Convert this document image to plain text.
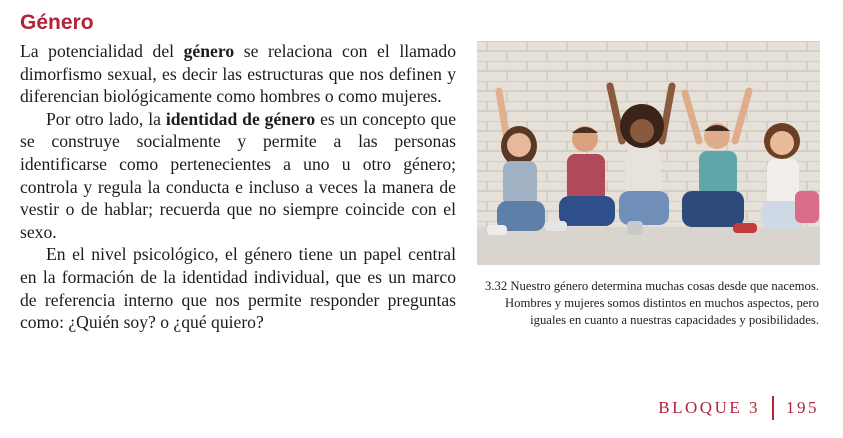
Género

La potencialidad del género se relaciona con el llamado dimorfismo sexual, es decir las estructuras que nos definen y diferencian biológicamente como hombres o como mujeres.

Por otro lado, la identidad de género es un concepto que se construye socialmente y permite a las personas identificarse como pertenecientes a uno u otro género; controla y regula la conducta e incluso a veces la manera de vestir o de hablar; recuerda que no siempre coincide con el sexo.

En el nivel psicológico, el género tiene un papel central en la formación de la identidad individual, que es un marco de referencia interno que nos permite responder preguntas como: ¿Quién soy? o ¿qué quiero?

3.32 Nuestro género determina muchas cosas desde que nacemos. Hombres y mujeres somos distintos en muchos aspectos, pero iguales en cuanto a nuestras capacidades y posibilidades.
BLOQUE 3 195
